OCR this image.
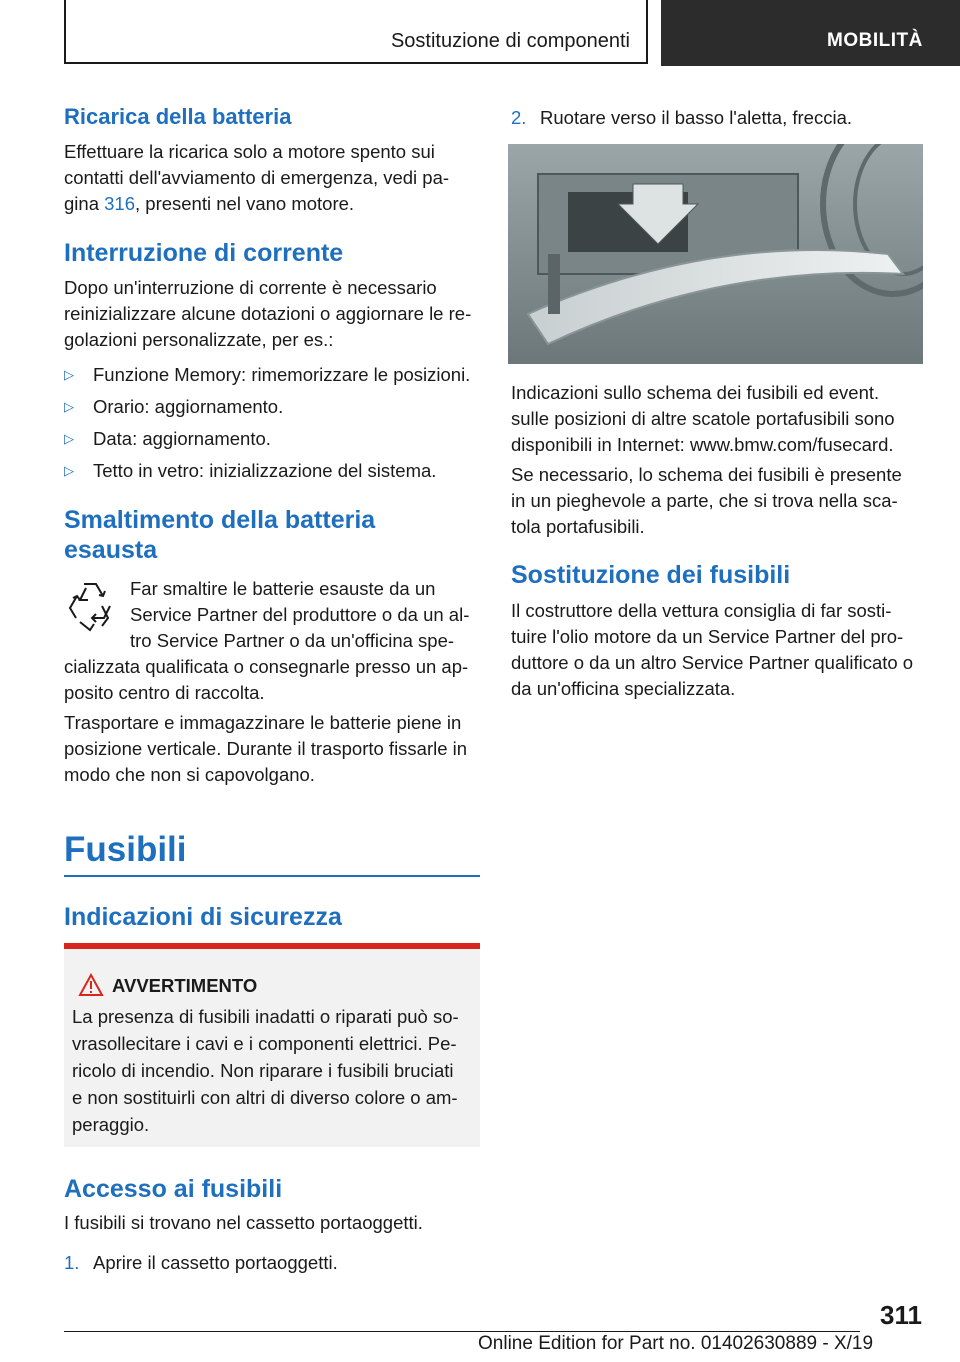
Sostituzione di componenti	MOBILITÀ
Ricarica della batteria

Effettuare la ricarica solo a motore spento sui

contatti dell'avviamento di emergenza, vedi pa-

gina 316, presenti nel vano motore.

Interruzione di corrente

Dopo un'interruzione di corrente è necessario

reinizializzare alcune dotazioni o aggiornare le re-

golazioni personalizzate, per es.:

▷ Funzione Memory: rimemorizzare le posizioni.
▷ Orario: aggiornamento.
▷ Data: aggiornamento.
▷ Tetto in vetro: inizializzazione del sistema.
Smaltimento della batteria
esausta

Far smaltire le batterie esauste da un

Service Partner del produttore o da un al-

tro Service Partner o da un'officina spe-

cializzata qualificata o consegnarle presso un ap-

posito centro di raccolta.

Trasportare e immagazzinare le batterie piene in

posizione verticale. Durante il trasporto fissarle in

modo che non si capovolgano.

Fusibili
Indicazioni di sicurezza
AVVERTIMENTO
La presenza di fusibili inadatti o riparati può so-
vrasollecitare i cavi e i componenti elettrici. Pe-
ricolo di incendio. Non riparare i fusibili bruciati
e non sostituirli con altri di diverso colore o am-
peraggio.
Accesso ai fusibili

I fusibili si trovano nel cassetto portaoggetti.

1. Aprire il cassetto portaoggetti.
2. Ruotare verso il basso l'aletta, freccia.

Indicazioni sullo schema dei fusibili ed event.

sulle posizioni di altre scatole portafusibili sono

disponibili in Internet: www.bmw.com/fusecard.

Se necessario, lo schema dei fusibili è presente

in un pieghevole a parte, che si trova nella sca-

tola portafusibili.

Sostituzione dei fusibili

Il costruttore della vettura consiglia di far sosti-

tuire l'olio motore da un Service Partner del pro-

duttore o da un altro Service Partner qualificato o

da un'officina specializzata.

311
Online Edition for Part no. 01402630889 - X/19
